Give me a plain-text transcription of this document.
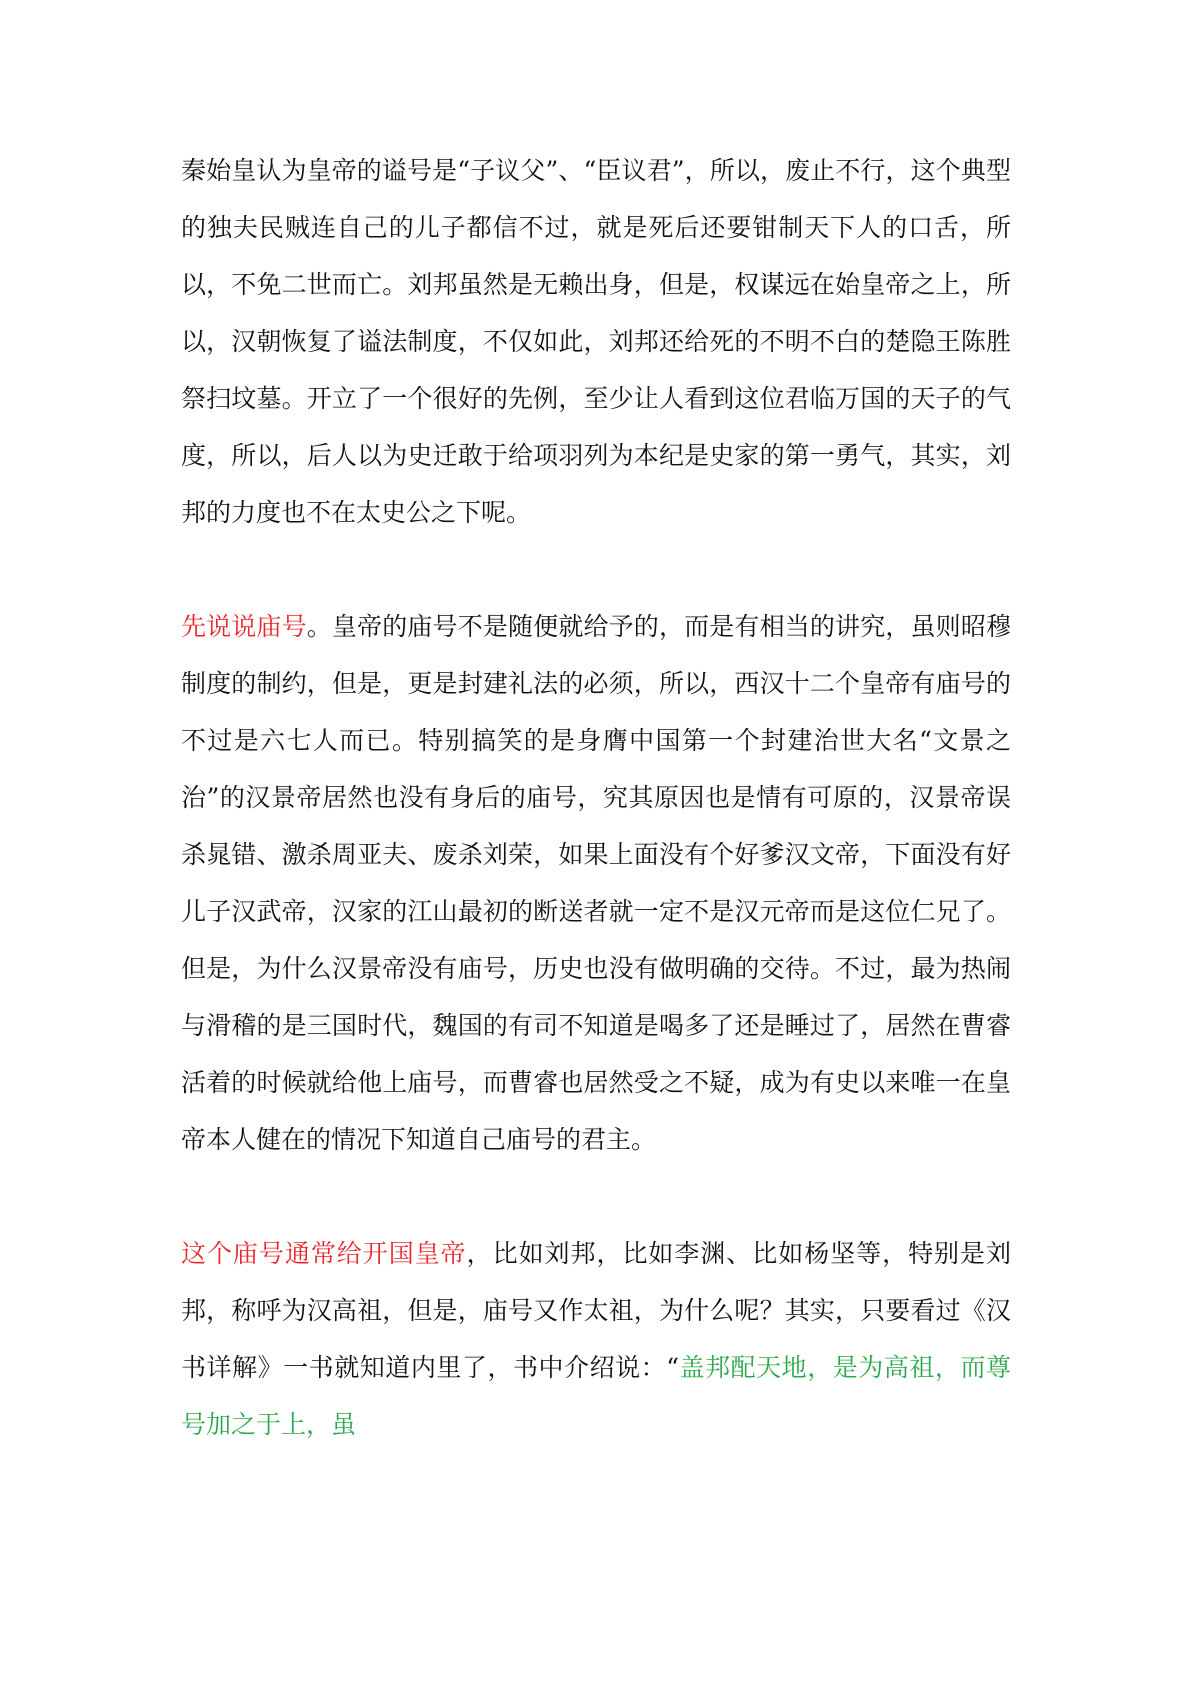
秦始皇认为皇帝的谥号是“子议父”、“臣议君”，所以，废止不行，这个典型的独夫民贼连自己的儿子都信不过，就是死后还要钳制天下人的口舌，所以，不免二世而亡。刘邦虽然是无赖出身，但是，权谋远在始皇帝之上，所以，汉朝恢复了谥法制度，不仅如此，刘邦还给死的不明不白的楚隐王陈胜祭扫坟墓。开立了一个很好的先例，至少让人看到这位君临万国的天子的气度，所以，后人以为史迁敢于给项羽列为本纪是史家的第一勇气，其实，刘邦的力度也不在太史公之下呢。

先说说庙号。皇帝的庙号不是随便就给予的，而是有相当的讲究，虽则昭穆制度的制约，但是，更是封建礼法的必须，所以，西汉十二个皇帝有庙号的不过是六七人而已。特别搞笑的是身膺中国第一个封建治世大名“文景之治”的汉景帝居然也没有身后的庙号，究其原因也是情有可原的，汉景帝误杀晁错、激杀周亚夫、废杀刘荣，如果上面没有个好爹汉文帝，下面没有好儿子汉武帝，汉家的江山最初的断送者就一定不是汉元帝而是这位仁兄了。但是，为什么汉景帝没有庙号，历史也没有做明确的交待。不过，最为热闹与滑稽的是三国时代，魏国的有司不知道是喝多了还是睡过了，居然在曹睿活着的时候就给他上庙号，而曹睿也居然受之不疑，成为有史以来唯一在皇帝本人健在的情况下知道自己庙号的君主。

这个庙号通常给开国皇帝，比如刘邦，比如李渊、比如杨坚等，特别是刘邦，称呼为汉高祖，但是，庙号又作太祖，为什么呢？其实，只要看过《汉书详解》一书就知道内里了，书中介绍说：“盖邦配天地，是为高祖，而尊号加之于上，虽
